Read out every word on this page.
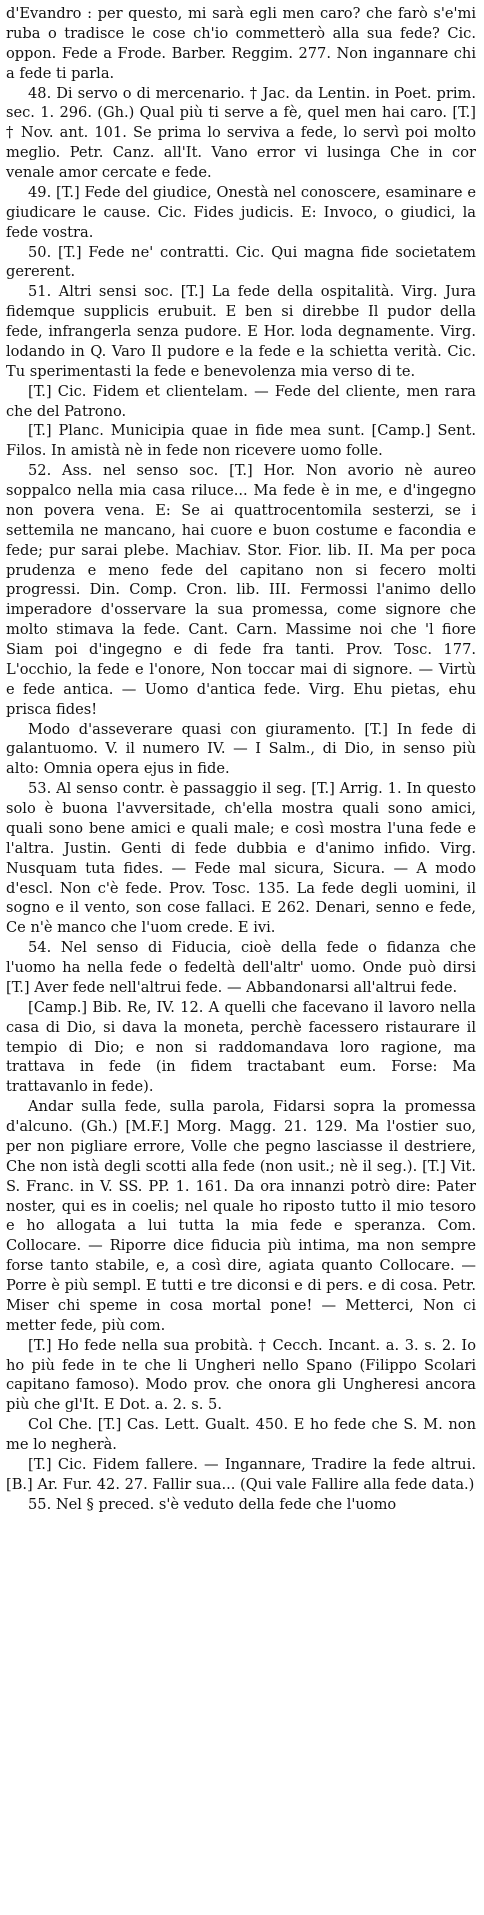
d'Evandro : per questo, mi sarà egli men caro? che farò s'e'mi ruba o tradisce le cose ch'io commetterò alla sua fede? Cic. oppon. Fede a Frode. Barber. Reggim. 277. Non ingannare chi a fede ti parla.

48. Di servo o di mercenario. † Jac. da Lentin. in Poet. prim. sec. 1. 296. (Gh.) Qual più ti serve a fè, quel men hai caro. [T.] † Nov. ant. 101. Se prima lo serviva a fede, lo servì poi molto meglio. Petr. Canz. all'It. Vano error vi lusinga Che in cor venale amor cercate e fede.

49. [T.] Fede del giudice, Onestà nel conoscere, esaminare e giudicare le cause. Cic. Fides judicis. E: Invoco, o giudici, la fede vostra.

50. [T.] Fede ne' contratti. Cic. Qui magna fide societatem gererent.

51. Altri sensi soc. [T.] La fede della ospitalità. Virg. Jura fidemque supplicis erubuit. E ben si direbbe Il pudor della fede, infrangerla senza pudore. E Hor. loda degnamente. Virg. lodando in Q. Varo Il pudore e la fede e la schietta verità. Cic. Tu sperimentasti la fede e benevolenza mia verso di te.

[T.] Cic. Fidem et clientelam. — Fede del cliente, men rara che del Patrono.

[T.] Planc. Municipia quae in fide mea sunt. [Camp.] Sent. Filos. In amistà nè in fede non ricevere uomo folle.

52. Ass. nel senso soc. [T.] Hor. Non avorio nè aureo soppalco nella mia casa riluce... Ma fede è in me, e d'ingegno non povera vena. E: Se ai quattrocentomila sesterzi, se i settemila ne mancano, hai cuore e buon costume e facondia e fede; pur sarai plebe. Machiav. Stor. Fior. lib. II. Ma per poca prudenza e meno fede del capitano non si fecero molti progressi. Din. Comp. Cron. lib. III. Fermossi l'animo dello imperadore d'osservare la sua promessa, come signore che molto stimava la fede. Cant. Carn. Massime noi che 'l fiore Siam poi d'ingegno e di fede fra tanti. Prov. Tosc. 177. L'occhio, la fede e l'onore, Non toccar mai di signore. — Virtù e fede antica. — Uomo d'antica fede. Virg. Ehu pietas, ehu prisca fides!

Modo d'asseverare quasi con giuramento. [T.] In fede di galantuomo. V. il numero IV. — I Salm., di Dio, in senso più alto: Omnia opera ejus in fide.

53. Al senso contr. è passaggio il seg. [T.] Arrig. 1. In questo solo è buona l'avversitade, ch'ella mostra quali sono amici, quali sono bene amici e quali male; e così mostra l'una fede e l'altra. Justin. Genti di fede dubbia e d'animo infido. Virg. Nusquam tuta fides. — Fede mal sicura, Sicura. — A modo d'escl. Non c'è fede. Prov. Tosc. 135. La fede degli uomini, il sogno e il vento, son cose fallaci. E 262. Denari, senno e fede, Ce n'è manco che l'uom crede. E ivi.

54. Nel senso di Fiducia, cioè della fede o fidanza che l'uomo ha nella fede o fedeltà dell'altr' uomo. Onde può dirsi [T.] Aver fede nell'altrui fede. — Abbandonarsi all'altrui fede.

[Camp.] Bib. Re, IV. 12. A quelli che facevano il lavoro nella casa di Dio, si dava la moneta, perchè facessero ristaurare il tempio di Dio; e non si raddomandava loro ragione, ma trattava in fede (in fidem tractabant eum. Forse: Ma trattavanlo in fede).

Andar sulla fede, sulla parola, Fidarsi sopra la promessa d'alcuno. (Gh.) [M.F.] Morg. Magg. 21. 129. Ma l'ostier suo, per non pigliare errore, Volle che pegno lasciasse il destriere, Che non istà degli scotti alla fede (non usit.; nè il seg.). [T.] Vit. S. Franc. in V. SS. PP. 1. 161. Da ora innanzi potrò dire: Pater noster, qui es in coelis; nel quale ho riposto tutto il mio tesoro e ho allogata a lui tutta la mia fede e speranza. Com. Collocare. — Riporre dice fiducia più intima, ma non sempre forse tanto stabile, e, a così dire, agiata quanto Collocare. — Porre è più sempl. E tutti e tre diconsi e di pers. e di cosa. Petr. Miser chi speme in cosa mortal pone! — Metterci, Non ci metter fede, più com.

[T.] Ho fede nella sua probità. † Cecch. Incant. a. 3. s. 2. Io ho più fede in te che li Ungheri nello Spano (Filippo Scolari capitano famoso). Modo prov. che onora gli Ungheresi ancora più che gl'It. E Dot. a. 2. s. 5.

Col Che. [T.] Cas. Lett. Gualt. 450. E ho fede che S. M. non me lo negherà.

[T.] Cic. Fidem fallere. — Ingannare, Tradire la fede altrui. [B.] Ar. Fur. 42. 27. Fallir sua... (Qui vale Fallire alla fede data.)

55. Nel § preced. s'è veduto della fede che l'uomo
